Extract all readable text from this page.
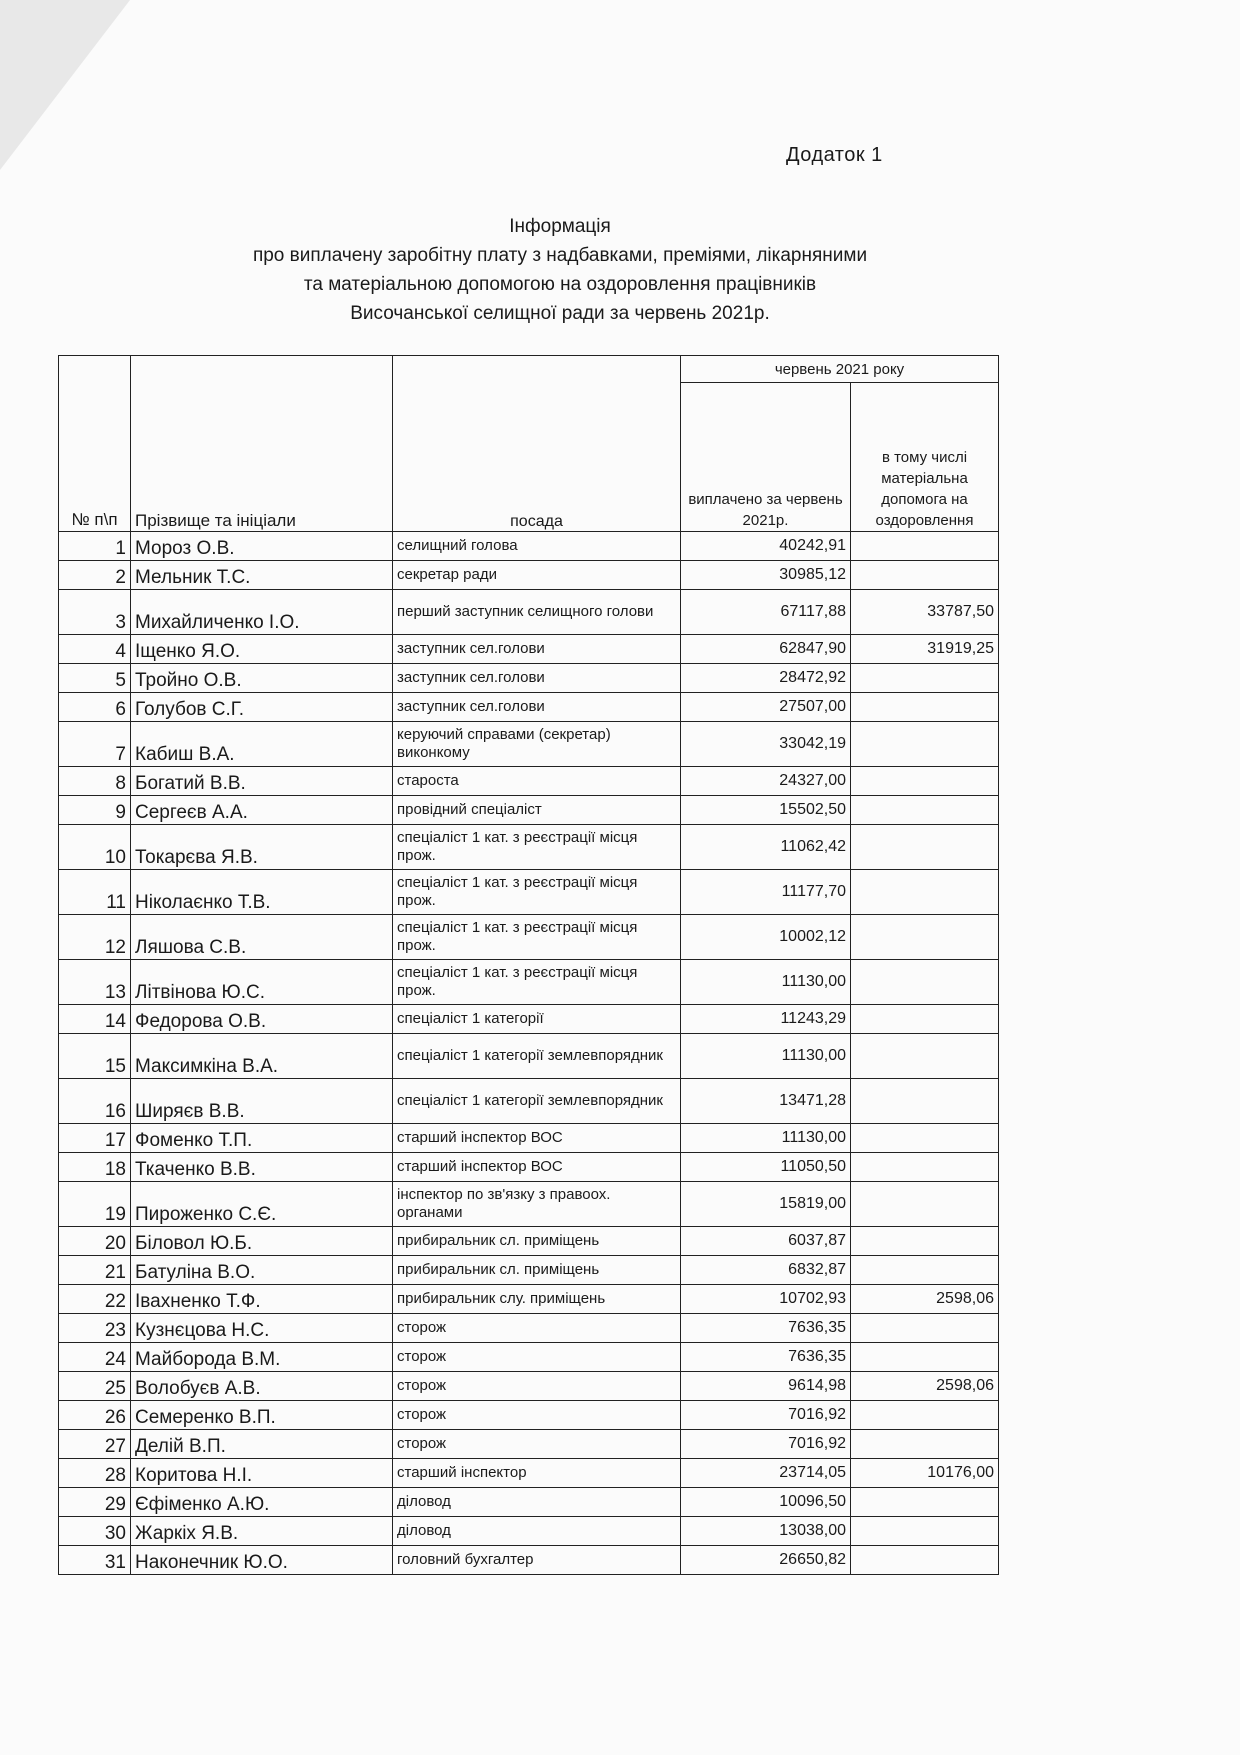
Додаток 1
Інформація
про виплачену заробітну плату з надбавками, преміями, лікарняними
та матеріальною допомогою на оздоровлення працівників
Височанської селищної ради за червень 2021р.
№ п\п	Прізвище та ініціали	посада	червень 2021 року	
			виплачено за червень 2021р.	в тому числі матеріальна допомога на оздоровлення
1	Мороз О.В.	селищний голова	40242,91	
2	Мельник Т.С.	секретар ради	30985,12	
3	Михайличенко І.О.	перший заступник селищного голови	67117,88	33787,50
4	Іщенко Я.О.	заступник сел.голови	62847,90	31919,25
5	Тройно О.В.	заступник сел.голови	28472,92	
6	Голубов С.Г.	заступник сел.голови	27507,00	
7	Кабиш В.А.	керуючий справами (секретар) виконкому	33042,19	
8	Богатий В.В.	староста	24327,00	
9	Сергеєв А.А.	провідний спеціаліст	15502,50	
10	Токарєва Я.В.	спеціаліст 1 кат. з реєстрації місця прож.	11062,42	
11	Ніколаєнко Т.В.	спеціаліст 1 кат. з реєстрації місця прож.	11177,70	
12	Ляшова С.В.	спеціаліст 1 кат. з реєстрації місця прож.	10002,12	
13	Літвінова Ю.С.	спеціаліст 1 кат. з реєстрації місця прож.	11130,00	
14	Федорова О.В.	спеціаліст 1 категорії	11243,29	
15	Максимкіна В.А.	спеціаліст 1 категорії землевпорядник	11130,00	
16	Ширяєв В.В.	спеціаліст 1 категорії землевпорядник	13471,28	
17	Фоменко Т.П.	старший інспектор ВОС	11130,00	
18	Ткаченко В.В.	старший інспектор ВОС	11050,50	
19	Пироженко С.Є.	інспектор по зв'язку з правоох. органами	15819,00	
20	Біловол Ю.Б.	прибиральник сл. приміщень	6037,87	
21	Батуліна В.О.	прибиральник сл. приміщень	6832,87	
22	Івахненко Т.Ф.	прибиральник слу. приміщень	10702,93	2598,06
23	Кузнєцова Н.С.	сторож	7636,35	
24	Майборода В.М.	сторож	7636,35	
25	Волобуєв А.В.	сторож	9614,98	2598,06
26	Семеренко В.П.	сторож	7016,92	
27	Делій В.П.	сторож	7016,92	
28	Коритова Н.І.	старший інспектор	23714,05	10176,00
29	Єфіменко А.Ю.	діловод	10096,50	
30	Жаркіх Я.В.	діловод	13038,00	
31	Наконечник Ю.О.	головний бухгалтер	26650,82	
